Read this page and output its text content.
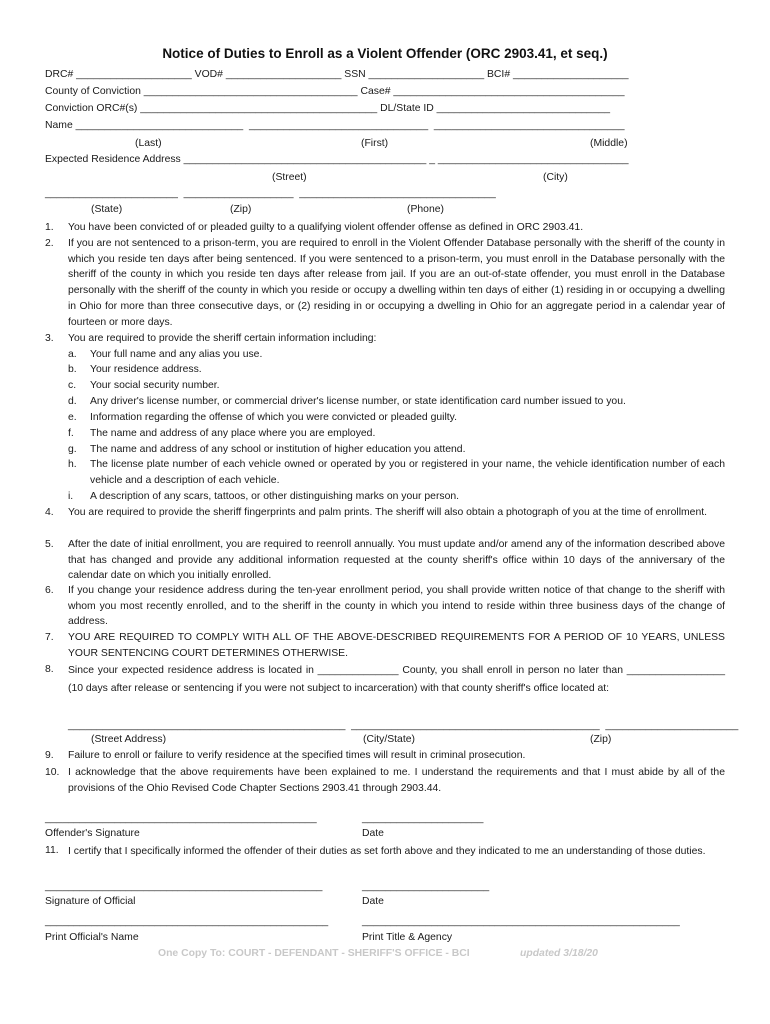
Notice of Duties to Enroll as a Violent Offender (ORC 2903.41, et seq.)
DRC# ____________________ VOD# ____________________ SSN ____________________ BCI# ____________________
County of Conviction _____________________________________ Case# ________________________________________
Conviction ORC#(s) _________________________________________ DL/State ID ______________________________
Name _____________________________  _______________________________  _________________________________
(Last)	(First)	(Middle)
Expected Residence Address __________________________________________ _ _________________________________
(Street)	(City)
_______________________  ___________________  __________________________________
(State)	(Zip)	(Phone)
1. You have been convicted of or pleaded guilty to a qualifying violent offender offense as defined in ORC 2903.41.
2. If you are not sentenced to a prison-term, you are required to enroll in the Violent Offender Database personally with the sheriff of the county in which you reside ten days after being sentenced. If you were sentenced to a prison-term, you must enroll in the Database personally with the sheriff of the county in which you reside ten days after release from jail. If you are an out-of-state offender, you must enroll in the Database personally with the sheriff of the county in which you reside or occupy a dwelling within ten days of either (1) residing in or occupying a dwelling in Ohio for more than three consecutive days, or (2) residing in or occupying a dwelling in Ohio for an aggregate period in a calendar year of fourteen or more days.
3. You are required to provide the sheriff certain information including:
a. Your full name and any alias you use.
b. Your residence address.
c. Your social security number.
d. Any driver's license number, or commercial driver's license number, or state identification card number issued to you.
e. Information regarding the offense of which you were convicted or pleaded guilty.
f. The name and address of any place where you are employed.
g. The name and address of any school or institution of higher education you attend.
h. The license plate number of each vehicle owned or operated by you or registered in your name, the vehicle identification number of each vehicle and a description of each vehicle.
i. A description of any scars, tattoos, or other distinguishing marks on your person.
4. You are required to provide the sheriff fingerprints and palm prints. The sheriff will also obtain a photograph of you at the time of enrollment.
5. After the date of initial enrollment, you are required to reenroll annually. You must update and/or amend any of the information described above that has changed and provide any additional information requested at the county sheriff's office within 10 days of the anniversary of the calendar date on which you initially enrolled.
6. If you change your residence address during the ten-year enrollment period, you shall provide written notice of that change to the sheriff with whom you most recently enrolled, and to the sheriff in the county in which you intend to reside within three business days of the change of address.
7. YOU ARE REQUIRED TO COMPLY WITH ALL OF THE ABOVE-DESCRIBED REQUIREMENTS FOR A PERIOD OF 10 YEARS, UNLESS YOUR SENTENCING COURT DETERMINES OTHERWISE.
8. Since your expected residence address is located in ______________ County, you shall enroll in person no later than _________________ (10 days after release or sentencing if you were not subject to incarceration) with that county sheriff's office located at:
________________________________________________  ___________________________________________  _______________________
(Street Address)	(City/State)	(Zip)
9. Failure to enroll or failure to verify residence at the specified times will result in criminal prosecution.
10. I acknowledge that the above requirements have been explained to me. I understand the requirements and that I must abide by all of the provisions of the Ohio Revised Code Chapter Sections 2903.41 through 2903.44.
_______________________________________________	_____________________
Offender's Signature	Date
11. I certify that I specifically informed the offender of their duties as set forth above and they indicated to me an understanding of those duties.
________________________________________________	______________________
Signature of Official	Date
_________________________________________________	_______________________________________________________
Print Official's Name	Print Title & Agency
One Copy To: COURT - DEFENDANT - SHERIFF'S OFFICE - BCI	updated 3/18/20
